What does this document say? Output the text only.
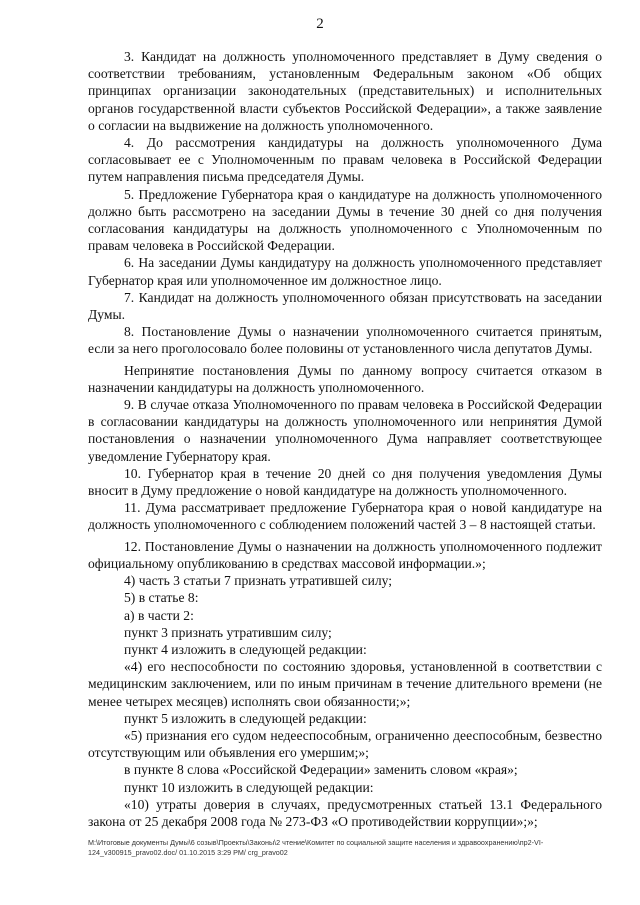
2

3. Кандидат на должность уполномоченного представляет в Думу сведения о соответствии требованиям, установленным Федеральным законом «Об общих принципах организации законодательных (представительных) и исполнительных органов государственной власти субъектов Российской Федерации», а также заявление о согласии на выдвижение на должность уполномоченного.

4. До рассмотрения кандидатуры на должность уполномоченного Дума согласовывает ее с Уполномоченным по правам человека в Российской Федерации путем направления письма председателя Думы.

5. Предложение Губернатора края о кандидатуре на должность уполномоченного должно быть рассмотрено на заседании Думы в течение 30 дней со дня получения согласования кандидатуры на должность уполномоченного с Уполномоченным по правам человека в Российской Федерации.

6. На заседании Думы кандидатуру на должность уполномоченного представляет Губернатор края или уполномоченное им должностное лицо.

7. Кандидат на должность уполномоченного обязан присутствовать на заседании Думы.

8. Постановление Думы о назначении уполномоченного считается принятым, если за него проголосовало более половины от установленного числа депутатов Думы.

Непринятие постановления Думы по данному вопросу считается отказом в назначении кандидатуры на должность уполномоченного.

9. В случае отказа Уполномоченного по правам человека в Российской Федерации в согласовании кандидатуры на должность уполномоченного или непринятия Думой постановления о назначении уполномоченного Дума направляет соответствующее уведомление Губернатору края.

10. Губернатор края в течение 20 дней со дня получения уведомления Думы вносит в Думу предложение о новой кандидатуре на должность уполномоченного.

11. Дума рассматривает предложение Губернатора края о новой кандидатуре на должность уполномоченного с соблюдением положений частей 3 – 8 настоящей статьи.

12. Постановление Думы о назначении на должность уполномоченного подлежит официальному опубликованию в средствах массовой информации.»;

4) часть 3 статьи 7 признать утратившей силу;

5) в статье 8:

а) в части 2:

пункт 3 признать утратившим силу;

пункт 4 изложить в следующей редакции:

«4) его неспособности по состоянию здоровья, установленной в соответствии с медицинским заключением, или по иным причинам в течение длительного времени (не менее четырех месяцев) исполнять свои обязанности;»;

пункт 5 изложить в следующей редакции:

«5) признания его судом недееспособным, ограниченно дееспособным, безвестно отсутствующим или объявления его умершим;»;

в пункте 8 слова «Российской Федерации» заменить словом «края»;

пункт 10 изложить в следующей редакции:

«10) утраты доверия в случаях, предусмотренных статьей 13.1 Федерального закона от 25 декабря 2008 года № 273-ФЗ «О противодействии коррупции»;»;

M:\Итоговые документы Думы\6 созыв\Проекты\Законы\2 чтение\Комитет по социальной защите населения и здравоохранению\пр2-VI-
124_v300915_pravo02.doc/ 01.10.2015 3:29 PM/ crg_pravo02
